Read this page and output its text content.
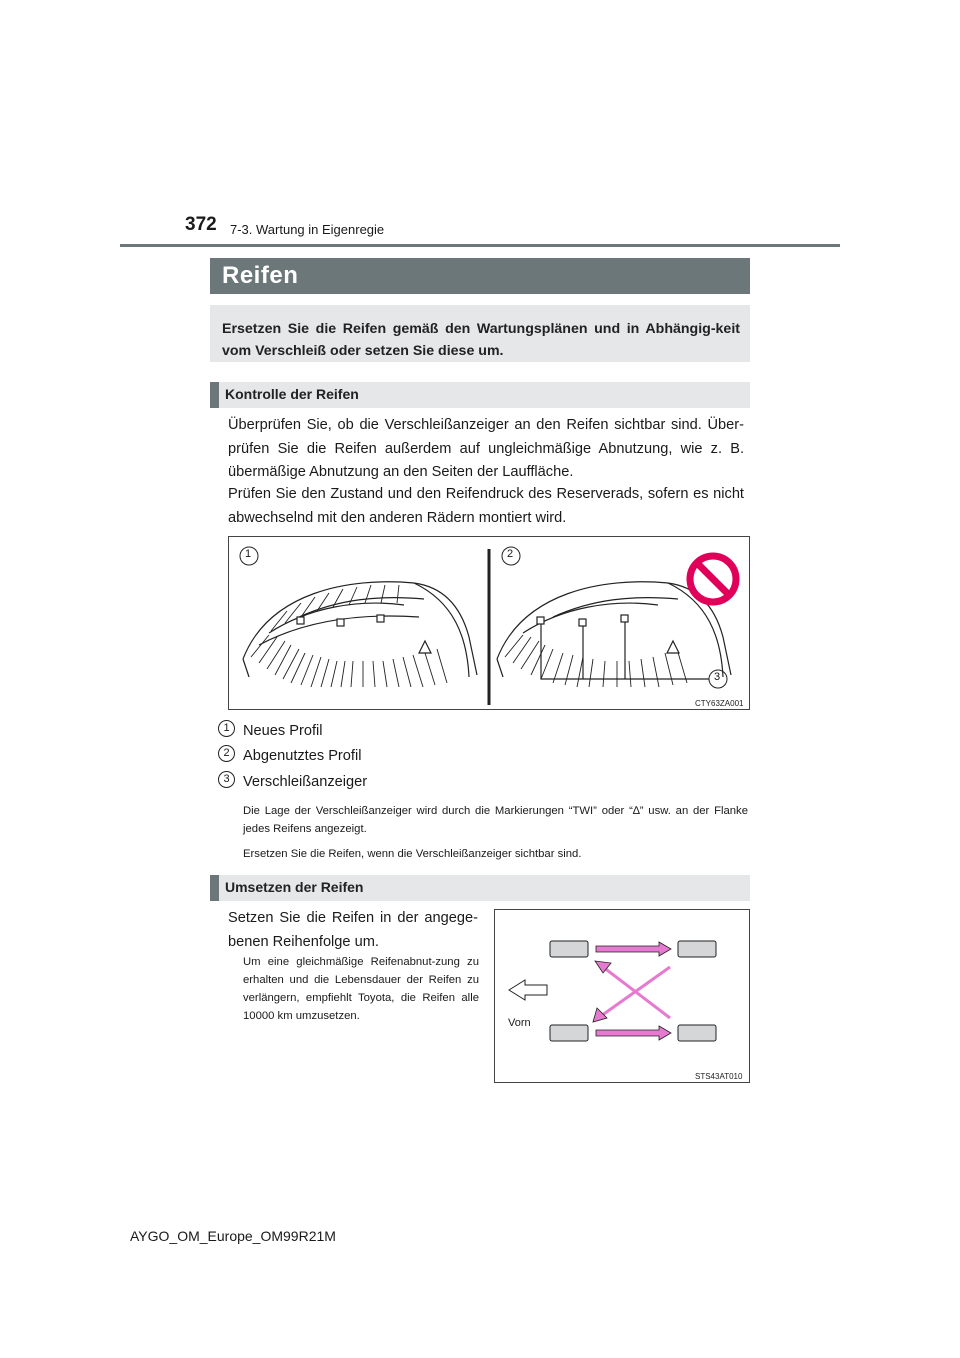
372 7-3. Wartung in Eigenregie
Reifen

Ersetzen Sie die Reifen gemäß den Wartungsplänen und in Abhängig-keit vom Verschleiß oder setzen Sie diese um.

Kontrolle der Reifen

Überprüfen Sie, ob die Verschleißanzeiger an den Reifen sichtbar sind. Über-prüfen Sie die Reifen außerdem auf ungleichmäßige Abnutzung, wie z. B. übermäßige Abnutzung an den Seiten der Lauffläche.

Prüfen Sie den Zustand und den Reifendruck des Reserverads, sofern es nicht abwechselnd mit den anderen Rädern montiert wird.

1	2
3
CTY63ZA001
1 Neues Profil
2 Abgenutztes Profil
3 Verschleißanzeiger

Die Lage der Verschleißanzeiger wird durch die Markierungen “TWI” oder “∆” usw. an der Flanke jedes Reifens angezeigt.

Ersetzen Sie die Reifen, wenn die Verschleißanzeiger sichtbar sind.

Umsetzen der Reifen

Setzen Sie die Reifen in der angege-benen Reihenfolge um.

Um eine gleichmäßige Reifenabnut-zung zu erhalten und die Lebensdauer der Reifen zu verlängern, empfiehlt Toyota, die Reifen alle 10000 km umzusetzen.

Vorn
STS43AT010
AYGO_OM_Europe_OM99R21M
